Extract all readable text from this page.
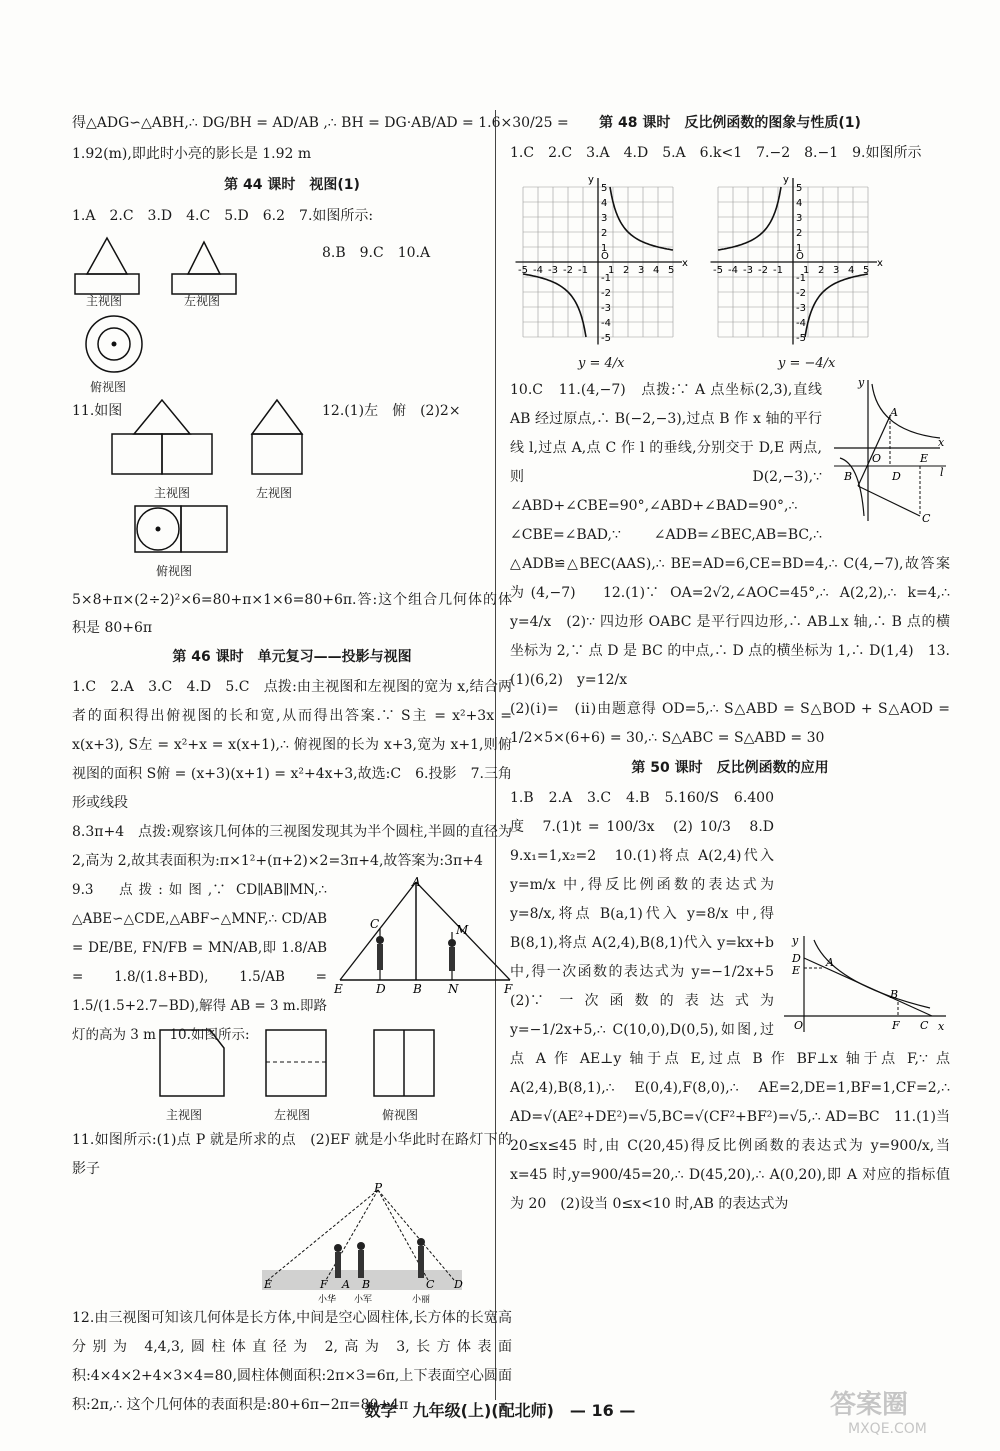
得△ADG∽△ABH,∴ DG/BH = AD/AB ,∴ BH = DG·AB/AD = 1.6×30/25 =
1.92(m),即此时小亮的影长是 1.92 m
第 44 课时　视图(1)
1.A　2.C　3.D　4.C　5.D　6.2　7.如图所示:
8.B　9.C　10.A
主视图	左视图
俯视图
11.如图	12.(1)左　俯　(2)2×
主视图	左视图
俯视图
5×8+π×(2÷2)²×6=80+π×1×6=80+6π.答:这个组合几何体的体积是 80+6π
第 46 课时　单元复习——投影与视图
1.C　2.A　3.C　4.D　5.C　点拨:由主视图和左视图的宽为 x,结合两者的面积得出俯视图的长和宽,从而得出答案.∵ S主 = x²+3x = x(x+3), S左 = x²+x = x(x+1),∴ 俯视图的长为 x+3,宽为 x+1,则俯视图的面积 S俯 = (x+3)(x+1) = x²+4x+3,故选:C　6.投影　7.三角形或线段
8.3π+4　点拨:观察该几何体的三视图发现其为半个圆柱,半圆的直径为 2,高为 2,故其表面积为:π×1²+(π+2)×2=3π+4,故答案为:3π+4
9.3　点拨:如图,∵ CD∥AB∥MN,∴ △ABE∽△CDE,△ABF∽△MNF,∴ CD/AB = DE/BE, FN/FB = MN/AB,即 1.8/AB = 1.8/(1.8+BD), 1.5/AB = 1.5/(1.5+2.7−BD),解得 AB = 3 m.即路灯的高为 3 m　10.如图所示:
C
A
M
E	D B N	F
主视图	左视图	俯视图
11.如图所示:(1)点 P 就是所求的点　(2)EF 就是小华此时在路灯下的影子
P
E	F A B	C D
小华 小军	小丽
12.由三视图可知该几何体是长方体,中间是空心圆柱体,长方体的长宽高分别为 4,4,3,圆柱体直径为 2,高为 3,长方体表面积:4×4×2+4×3×4=80,圆柱体侧面积:2π×3=6π,上下表面空心圆面积:2π,∴ 这个几何体的表面积是:80+6π−2π=80+4π
第 48 课时　反比例函数的图象与性质(1)
1.C　2.C　3.A　4.D　5.A　6.k<1　7.−2　8.−1　9.如图所示
-5
-5
-4
-4
-3
-3
-2
-2
-1
-1
1
1
2
2
3
3
4
4
5
5
O
x
y
-5
-5
-4
-4
-3
-3
-2
-2
-1
-1
1
1
2
2
3
3
4
4
5
5
O
x
y
y = 4/x	y = −4/x
y
A
O	E
x
B	D	l
C
10.C　11.(4,−7)　点拨:∵ A 点坐标(2,3),直线 AB 经过原点,∴ B(−2,−3),过点 B 作 x 轴的平行线 l,过点 A,点 C 作 l 的垂线,分别交于 D,E 两点,则 D(2,−3),∵ ∠ABD+∠CBE=90°,∠ABD+∠BAD=90°,∴ ∠CBE=∠BAD,∵ ∠ADB=∠BEC,AB=BC,∴ △ADB≌△BEC(AAS),∴ BE=AD=6,CE=BD=4,∴ C(4,−7),故答案为(4,−7)　12.(1)∵ OA=2√2,∠AOC=45°,∴ A(2,2),∴ k=4,∴ y=4/x　(2)∵ 四边形 OABC 是平行四边形,∴ AB⊥x 轴,∴ B 点的横坐标为 2,∵ 点 D 是 BC 的中点,∴ D 点的横坐标为 1,∴ D(1,4)　13.(1)(6,2)　y=12/x
(2)(ⅰ)=　(ⅱ)由题意得 OD=5,∴ S△ABD = S△BOD + S△AOD = 1/2×5×(6+6) = 30,∴ S△ABC = S△ABD = 30
第 50 课时　反比例函数的应用
y
D
E
A
B
O	F C x
1.B　2.A　3.C　4.B　5.160/S　6.400 度　7.(1)t = 100/3x　(2) 10/3　8.D　9.x₁=1,x₂=2　10.(1)将点 A(2,4)代入 y=m/x 中,得反比例函数的表达式为 y=8/x,将点 B(a,1)代入 y=8/x 中,得 B(8,1),将点 A(2,4),B(8,1)代入 y=kx+b 中,得一次函数的表达式为 y=−1/2x+5　(2)∵ 一次函数的表达式为 y=−1/2x+5,∴ C(10,0),D(0,5),如图,过点 A 作 AE⊥y 轴于点 E,过点 B 作 BF⊥x 轴于点 F,∵ 点 A(2,4),B(8,1),∴ E(0,4),F(8,0),∴ AE=2,DE=1,BF=1,CF=2,∴ AD=√(AE²+DE²)=√5,BC=√(CF²+BF²)=√5,∴ AD=BC　11.(1)当 20≤x≤45 时,由 C(20,45)得反比例函数的表达式为 y=900/x,当 x=45 时,y=900/45=20,∴ D(45,20),∴ A(0,20),即 A 对应的指标值为 20　(2)设当 0≤x<10 时,AB 的表达式为
数学　九年级(上)(配北师)　— 16 —	答案圈
MXQE.COM
